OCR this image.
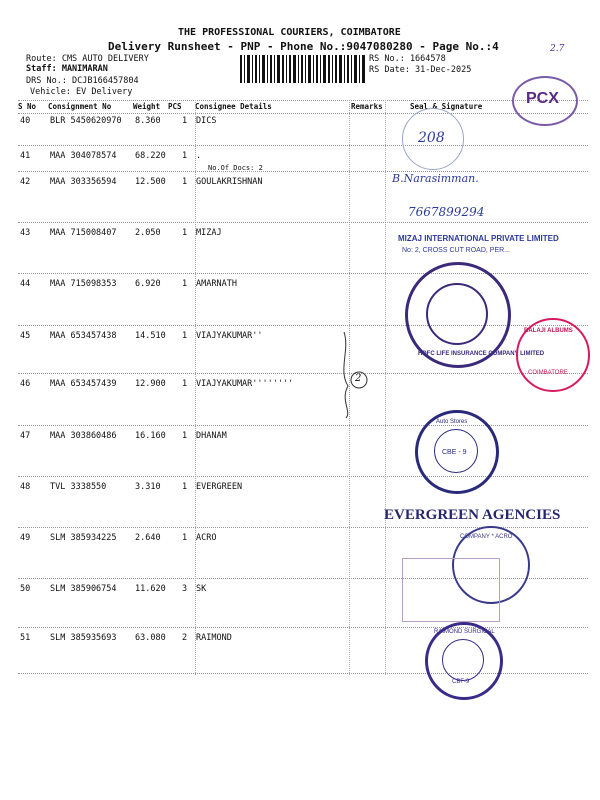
THE PROFESSIONAL COURIERS, COIMBATORE
Delivery Runsheet - PNP - Phone No.:9047080280 - Page No.:4
Route: CMS AUTO DELIVERY
Staff: MANIMARAN
DRS No.: DCJB166457804
Vehicle: EV Delivery
RS No.: 1664578
RS Date: 31-Dec-2025
S No Consignment No	Weight PCS Consignee Details	Remarks	Seal & Signature
40 BLR 5450620970 8.360	1 DICS
41 MAA 304078574 68.220 1 .
No.Of Docs: 2
42 MAA 303356594 12.500 1 GOULAKRISHNAN
43 MAA 715008407 2.050	1 MIZAJ
44 MAA 715098353 6.920	1 AMARNATH
45 MAA 653457438 14.510 1 VIAJYAKUMAR''
46 MAA 653457439 12.900 1 VIAJYAKUMAR''''''''
47 MAA 303860486 16.160 1 DHANAM
48 TVL 3338550	3.310	1 EVERGREEN
49 SLM 385934225 2.640	1 ACRO
50 SLM 385906754 11.620 3 SK
51 SLM 385935693 63.080 2 RAIMOND
PCX
2.7
208
B.Narasimman.
7667899294
MIZAJ INTERNATIONAL PRIVATE LIMITED
No: 2, CROSS CUT ROAD, PER...
HDFC LIFE INSURANCE COMPANY LIMITED
BALAJI ALBUMS
COIMBATORE
2
Auto Stores
CBE - 9
EVERGREEN AGENCIES
COMPANY * ACRO
RAIMOND SURGICAL
CBF-9
